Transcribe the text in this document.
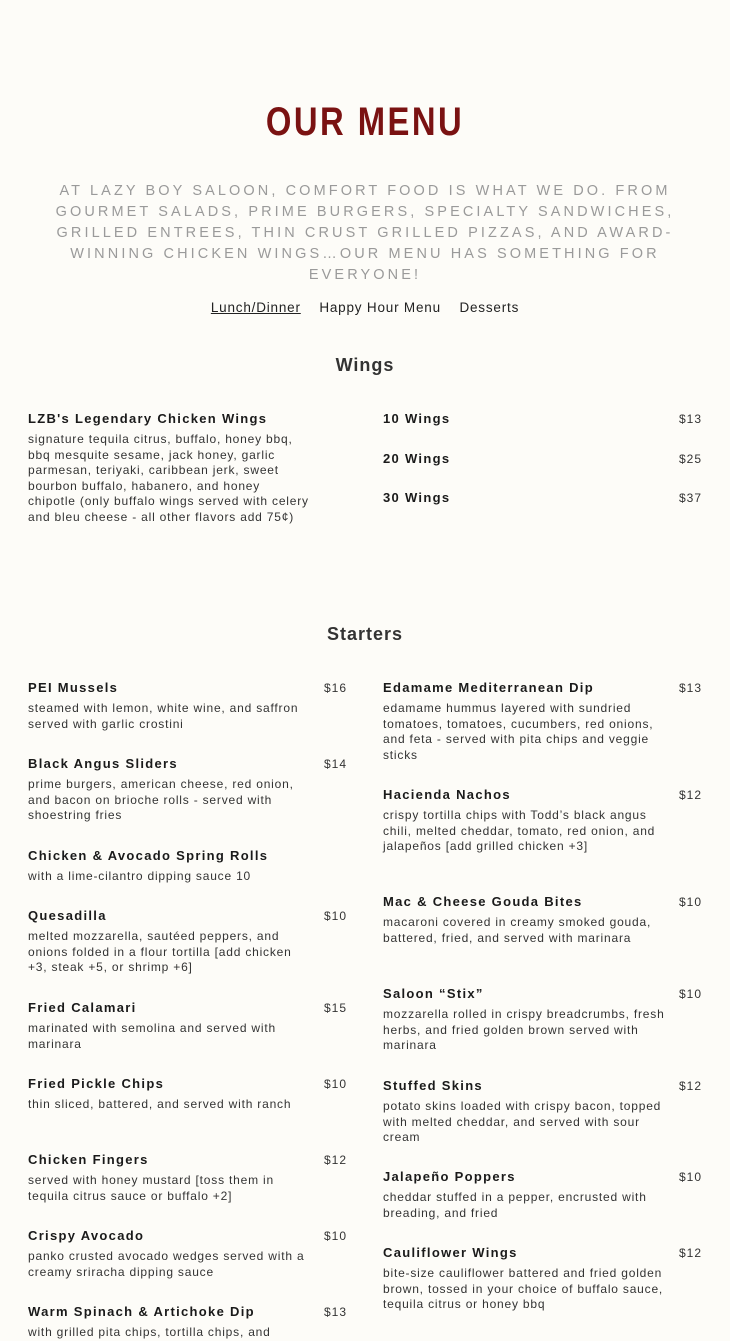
OUR MENU

AT LAZY BOY SALOON, COMFORT FOOD IS WHAT WE DO. FROM GOURMET SALADS, PRIME BURGERS, SPECIALTY SANDWICHES, GRILLED ENTREES, THIN CRUST GRILLED PIZZAS, AND AWARD-WINNING CHICKEN WINGS…OUR MENU HAS SOMETHING FOR EVERYONE!

Lunch/Dinner Happy Hour Menu Desserts
Wings
LZB's Legendary Chicken Wings
signature tequila citrus, buffalo, honey bbq, bbq mesquite sesame, jack honey, garlic parmesan, teriyaki, caribbean jerk, sweet bourbon buffalo, habanero, and honey chipotle (only buffalo wings served with celery and bleu cheese - all other flavors add 75¢)
10 Wings	$13
20 Wings	$25
30 Wings	$37
Starters
PEI Mussels	$16
steamed with lemon, white wine, and saffron served with garlic crostini
Black Angus Sliders	$14
prime burgers, american cheese, red onion, and bacon on brioche rolls - served with shoestring fries
Chicken & Avocado Spring Rolls
with a lime-cilantro dipping sauce 10
Quesadilla	$10
melted mozzarella, sautéed peppers, and onions folded in a flour tortilla [add chicken +3, steak +5, or shrimp +6]
Fried Calamari	$15
marinated with semolina and served with marinara
Fried Pickle Chips	$10
thin sliced, battered, and served with ranch
Chicken Fingers	$12
served with honey mustard [toss them in tequila citrus sauce or buffalo +2]
Crispy Avocado	$10
panko crusted avocado wedges served with a creamy sriracha dipping sauce
Warm Spinach & Artichoke Dip	$13
with grilled pita chips, tortilla chips, and
Edamame Mediterranean Dip	$13
edamame hummus layered with sundried tomatoes, tomatoes, cucumbers, red onions, and feta - served with pita chips and veggie sticks
Hacienda Nachos	$12
crispy tortilla chips with Todd’s black angus chili, melted cheddar, tomato, red onion, and jalapeños [add grilled chicken +3]
Mac & Cheese Gouda Bites	$10
macaroni covered in creamy smoked gouda, battered, fried, and served with marinara
Saloon “Stix”	$10
mozzarella rolled in crispy breadcrumbs, fresh herbs, and fried golden brown served with marinara
Stuffed Skins	$12
potato skins loaded with crispy bacon, topped with melted cheddar, and served with sour cream
Jalapeño Poppers	$10
cheddar stuffed in a pepper, encrusted with breading, and fried
Cauliflower Wings	$12
bite-size cauliflower battered and fried golden brown, tossed in your choice of buffalo sauce, tequila citrus or honey bbq
